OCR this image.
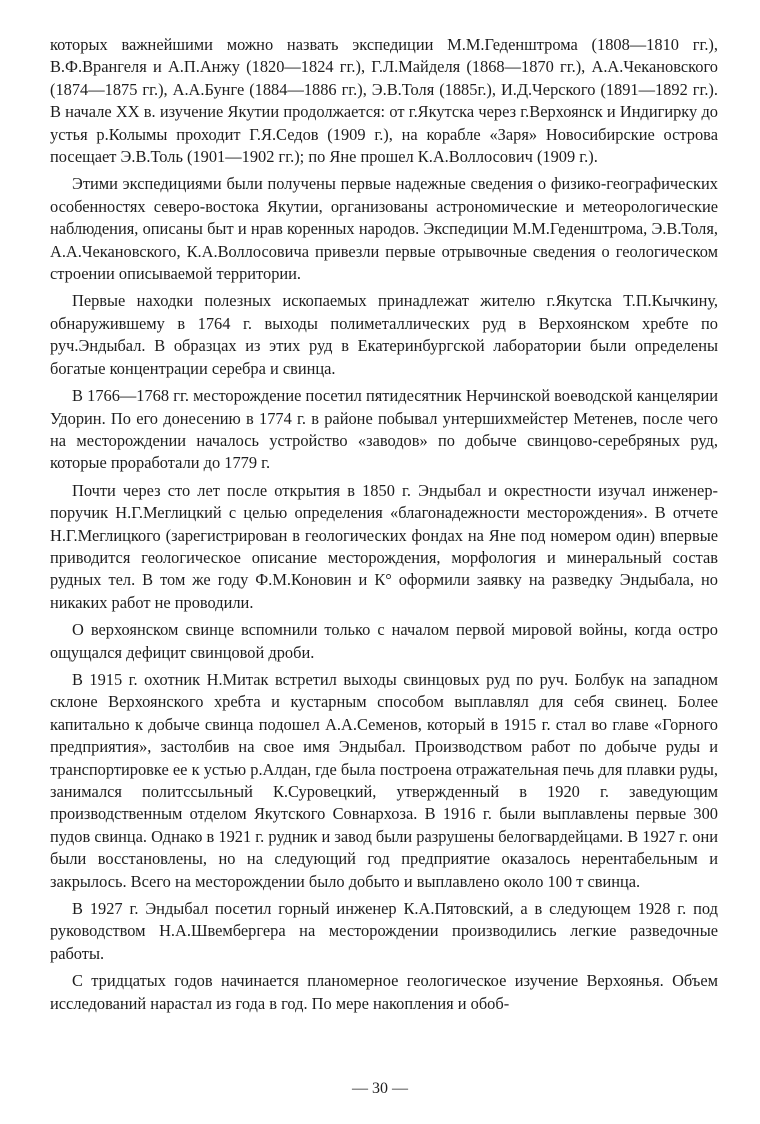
которых важнейшими можно назвать экспедиции М.М.Геденштрома (1808—1810 гг.), В.Ф.Врангеля и А.П.Анжу (1820—1824 гг.), Г.Л.Майделя (1868—1870 гг.), А.А.Чекановского (1874—1875 гг.), А.А.Бунге (1884—1886 гг.), Э.В.Толя (1885г.), И.Д.Черского (1891—1892 гг.). В начале XX в. изучение Якутии продолжается: от г.Якутска через г.Верхоянск и Индигирку до устья р.Колымы проходит Г.Я.Седов (1909 г.), на корабле «Заря» Новосибирские острова посещает Э.В.Толь (1901—1902 гг.); по Яне прошел К.А.Воллосович (1909 г.).

Этими экспедициями были получены первые надежные сведения о физико-географических особенностях северо-востока Якутии, организованы астрономические и метеорологические наблюдения, описаны быт и нрав коренных народов. Экспедиции М.М.Геденштрома, Э.В.Толя, А.А.Чекановского, К.А.Воллосовича привезли первые отрывочные сведения о геологическом строении описываемой территории.

Первые находки полезных ископаемых принадлежат жителю г.Якутска Т.П.Кычкину, обнаружившему в 1764 г. выходы полиметаллических руд в Верхоянском хребте по руч.Эндыбал. В образцах из этих руд в Екатеринбургской лаборатории были определены богатые концентрации серебра и свинца.

В 1766—1768 гг. месторождение посетил пятидесятник Нерчинской воеводской канцелярии Удорин. По его донесению в 1774 г. в районе побывал унтершихмейстер Метенев, после чего на месторождении началось устройство «заводов» по добыче свинцово-серебряных руд, которые проработали до 1779 г.

Почти через сто лет после открытия в 1850 г. Эндыбал и окрестности изучал инженер-поручик Н.Г.Меглицкий с целью определения «благонадежности месторождения». В отчете Н.Г.Меглицкого (зарегистрирован в геологических фондах на Яне под номером один) впервые приводится геологическое описание месторождения, морфология и минеральный состав рудных тел. В том же году Ф.М.Коновин и К° оформили заявку на разведку Эндыбала, но никаких работ не проводили.

О верхоянском свинце вспомнили только с началом первой мировой войны, когда остро ощущался дефицит свинцовой дроби.

В 1915 г. охотник Н.Митак встретил выходы свинцовых руд по руч. Болбук на западном склоне Верхоянского хребта и кустарным способом выплавлял для себя свинец. Более капитально к добыче свинца подошел А.А.Семенов, который в 1915 г. стал во главе «Горного предприятия», застолбив на свое имя Эндыбал. Производством работ по добыче руды и транспортировке ее к устью р.Алдан, где была построена отражательная печь для плавки руды, занимался политссыльный К.Суровецкий, утвержденный в 1920 г. заведующим производственным отделом Якутского Совнархоза. В 1916 г. были выплавлены первые 300 пудов свинца. Однако в 1921 г. рудник и завод были разрушены белогвардейцами. В 1927 г. они были восстановлены, но на следующий год предприятие оказалось нерентабельным и закрылось. Всего на месторождении было добыто и выплавлено около 100 т свинца.

В 1927 г. Эндыбал посетил горный инженер К.А.Пятовский, а в следующем 1928 г. под руководством Н.А.Швембергера на месторождении производились легкие разведочные работы.

С тридцатых годов начинается планомерное геологическое изучение Верхоянья. Объем исследований нарастал из года в год. По мере накопления и обоб-

— 30 —
